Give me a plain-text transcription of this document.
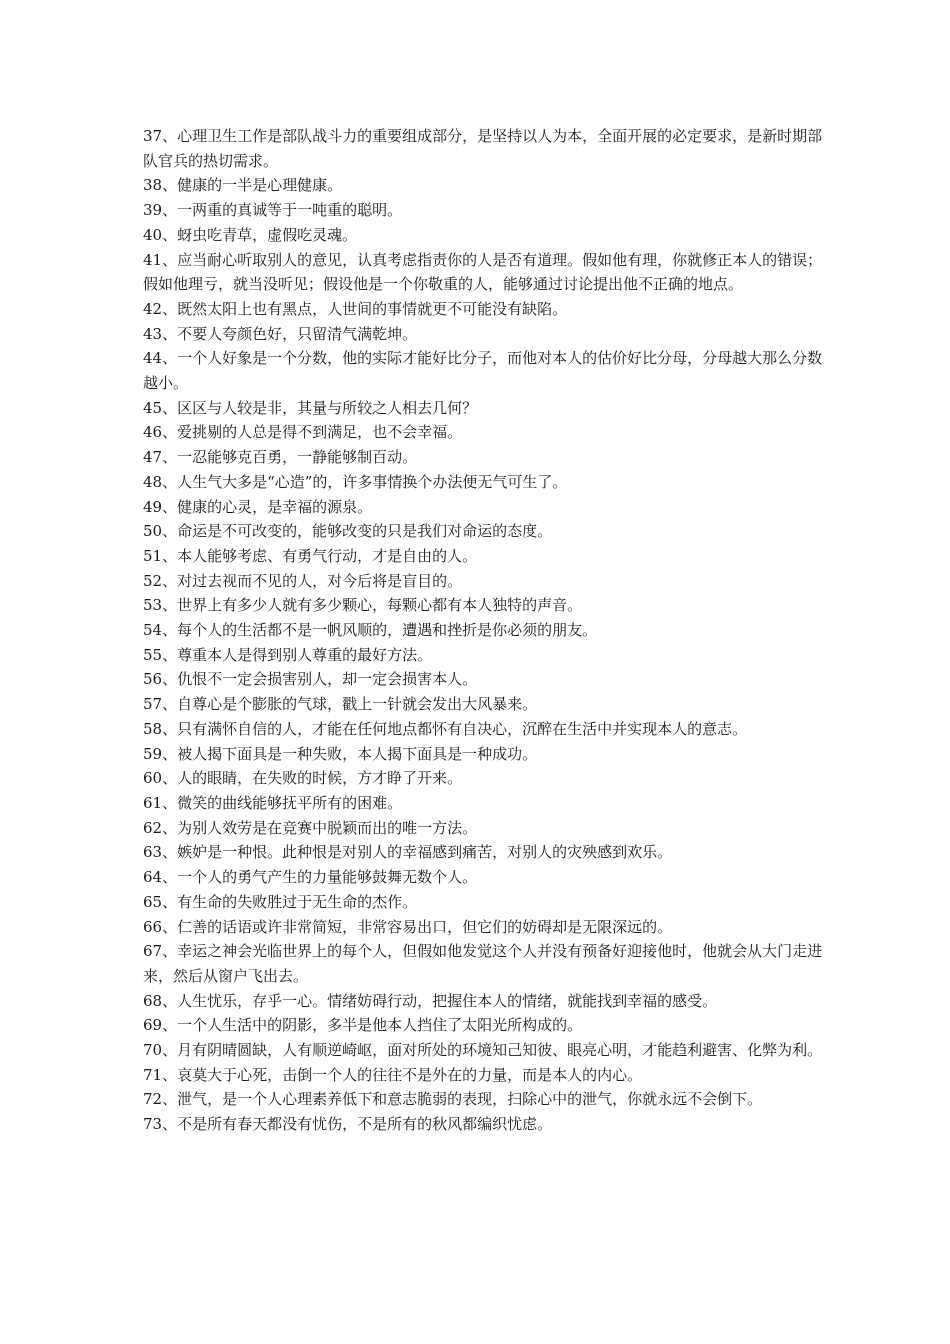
37、心理卫生工作是部队战斗力的重要组成部分，是坚持以人为本，全面开展的必定要求，是新时期部队官兵的热切需求。

38、健康的一半是心理健康。

39、一两重的真诚等于一吨重的聪明。

40、蚜虫吃青草，虚假吃灵魂。

41、应当耐心听取别人的意见，认真考虑指责你的人是否有道理。假如他有理，你就修正本人的错误；假如他理亏，就当没听见；假设他是一个你敬重的人，能够通过讨论提出他不正确的地点。

42、既然太阳上也有黑点，人世间的事情就更不可能没有缺陷。

43、不要人夸颜色好，只留清气满乾坤。

44、一个人好象是一个分数，他的实际才能好比分子，而他对本人的估价好比分母，分母越大那么分数越小。

45、区区与人较是非，其量与所较之人相去几何？

46、爱挑剔的人总是得不到满足，也不会幸福。

47、一忍能够克百勇，一静能够制百动。

48、人生气大多是“心造”的，许多事情换个办法便无气可生了。

49、健康的心灵，是幸福的源泉。

50、命运是不可改变的，能够改变的只是我们对命运的态度。

51、本人能够考虑、有勇气行动，才是自由的人。

52、对过去视而不见的人，对今后将是盲目的。

53、世界上有多少人就有多少颗心，每颗心都有本人独特的声音。

54、每个人的生活都不是一帆风顺的，遭遇和挫折是你必须的朋友。

55、尊重本人是得到别人尊重的最好方法。

56、仇恨不一定会损害别人，却一定会损害本人。

57、自尊心是个膨胀的气球，戳上一针就会发出大风暴来。

58、只有满怀自信的人，才能在任何地点都怀有自决心，沉醉在生活中并实现本人的意志。

59、被人揭下面具是一种失败，本人揭下面具是一种成功。

60、人的眼睛，在失败的时候，方才睁了开来。

61、微笑的曲线能够抚平所有的困难。

62、为别人效劳是在竞赛中脱颖而出的唯一方法。

63、嫉妒是一种恨。此种恨是对别人的幸福感到痛苦，对别人的灾殃感到欢乐。

64、一个人的勇气产生的力量能够鼓舞无数个人。

65、有生命的失败胜过于无生命的杰作。

66、仁善的话语或许非常简短，非常容易出口，但它们的妨碍却是无限深远的。

67、幸运之神会光临世界上的每个人，但假如他发觉这个人并没有预备好迎接他时，他就会从大门走进来，然后从窗户飞出去。

68、人生忧乐，存乎一心。情绪妨碍行动，把握住本人的情绪，就能找到幸福的感受。

69、一个人生活中的阴影，多半是他本人挡住了太阳光所构成的。

70、月有阴晴圆缺，人有顺逆崎岖，面对所处的环境知己知彼、眼亮心明，才能趋利避害、化弊为利。

71、哀莫大于心死，击倒一个人的往往不是外在的力量，而是本人的内心。

72、泄气，是一个人心理素养低下和意志脆弱的表现，扫除心中的泄气，你就永远不会倒下。

73、不是所有春天都没有忧伤，不是所有的秋风都编织忧虑。
